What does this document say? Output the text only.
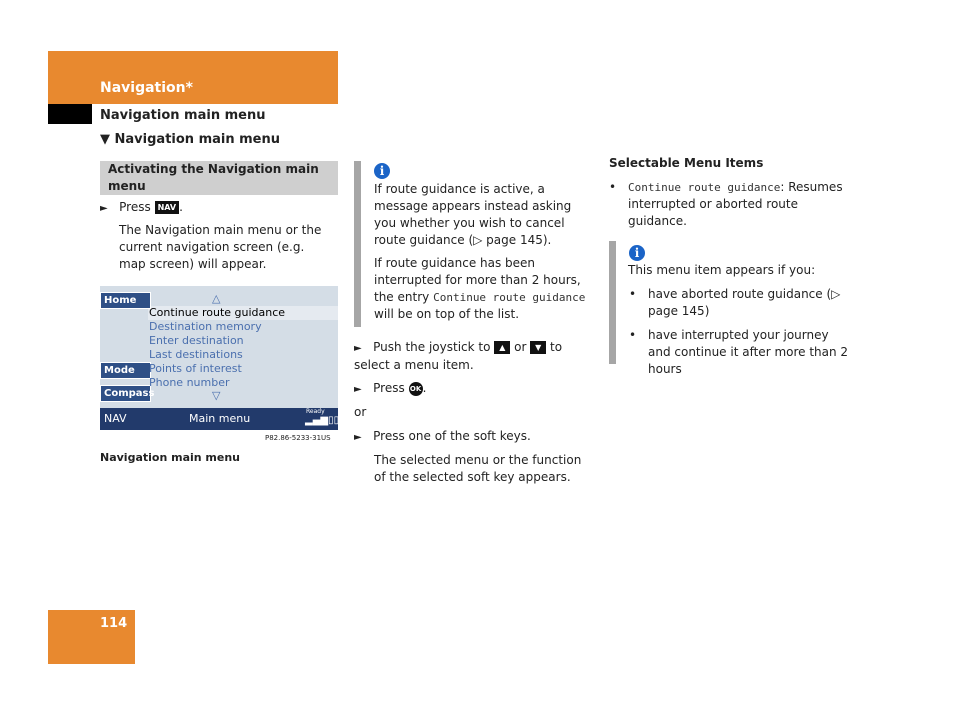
Navigation*
Navigation main menu
▼ Navigation main menu
Activating the Navigation main menu
► Press NAV .
The Navigation main menu or the current navigation screen (e.g. map screen) will appear.
Home
Mode
Compass
△
Continue route guidance
Destination memory
Enter destination
Last destinations
Points of interest
Phone number
▽
NAV	Main menu
Ready
▂▄▆▯▯
P82.86-5233-31US
Navigation main menu
i
If route guidance is active, a message appears instead asking you whether you wish to cancel route guidance (▷ page 145).
If route guidance has been interrupted for more than 2 hours, the entry Continue route guidance will be on top of the list.
► Push the joystick to ▲ or ▼ to select a menu item.
► Press OK.
or
► Press one of the soft keys.
The selected menu or the function of the selected soft key appears.
Selectable Menu Items
• Continue route guidance: Resumes interrupted or aborted route guidance.
i
This menu item appears if you:
• have aborted route guidance (▷ page 145)
• have interrupted your journey and continue it after more than 2 hours
114
